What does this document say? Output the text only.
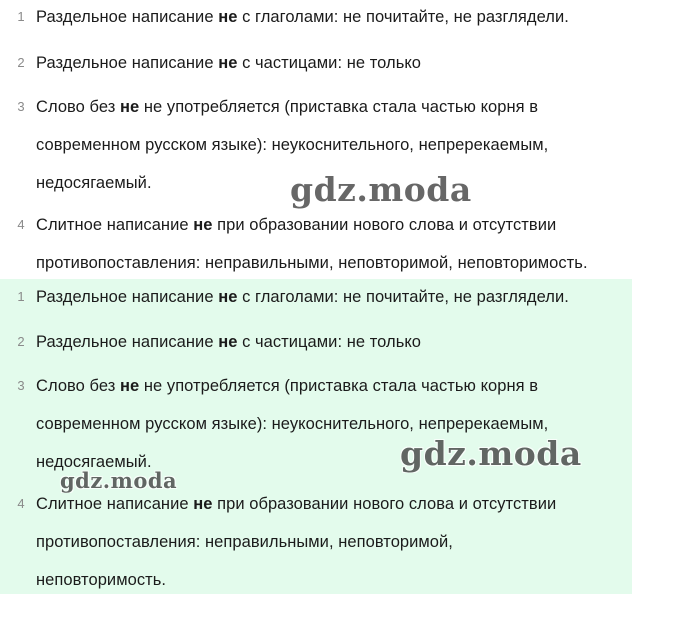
1 Раздельное написание не с глаголами: не почитайте, не разглядели.
2 Раздельное написание не с частицами: не только
3 Слово без не не употребляется (приставка стала частью корня в
современном русском языке): неукоснительного, непререкаемым,
недосягаемый.
4 Слитное написание не при образовании нового слова и отсутствии
противопоставления: неправильными, неповторимой, неповторимость.
1 Раздельное написание не с глаголами: не почитайте, не разглядели.
2 Раздельное написание не с частицами: не только
3 Слово без не не употребляется (приставка стала частью корня в
современном русском языке): неукоснительного, непререкаемым,
недосягаемый.
4 Слитное написание не при образовании нового слова и отсутствии
противопоставления: неправильными, неповторимой,
неповторимость.
gdz.moda
gdz.moda
gdz.moda
